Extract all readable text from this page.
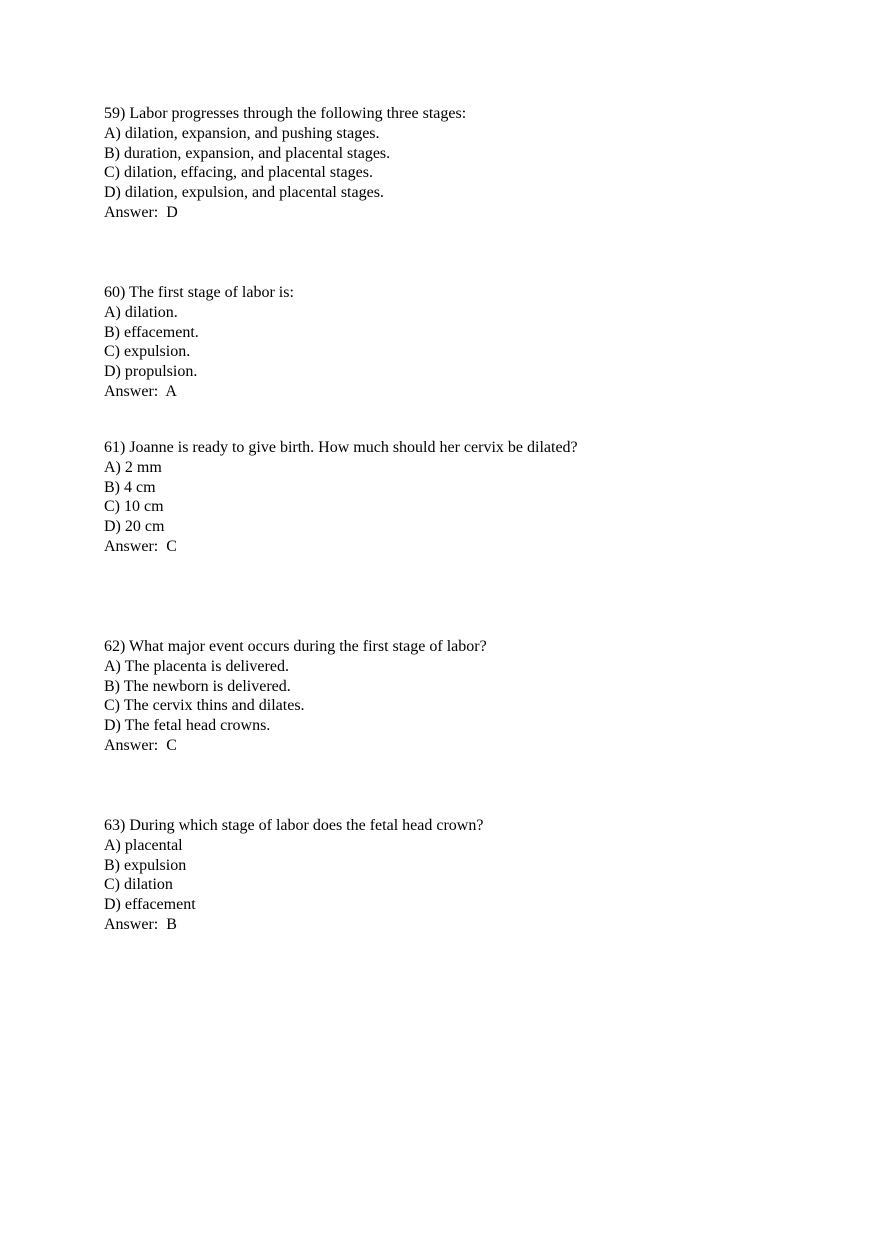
59) Labor progresses through the following three stages:
A) dilation, expansion, and pushing stages.
B) duration, expansion, and placental stages.
C) dilation, effacing, and placental stages.
D) dilation, expulsion, and placental stages.
Answer:  D
60) The first stage of labor is:
A) dilation.
B) effacement.
C) expulsion.
D) propulsion.
Answer:  A
61) Joanne is ready to give birth. How much should her cervix be dilated?
A) 2 mm
B) 4 cm
C) 10 cm
D) 20 cm
Answer:  C
62) What major event occurs during the first stage of labor?
A) The placenta is delivered.
B) The newborn is delivered.
C) The cervix thins and dilates.
D) The fetal head crowns.
Answer:  C
63) During which stage of labor does the fetal head crown?
A) placental
B) expulsion
C) dilation
D) effacement
Answer:  B
